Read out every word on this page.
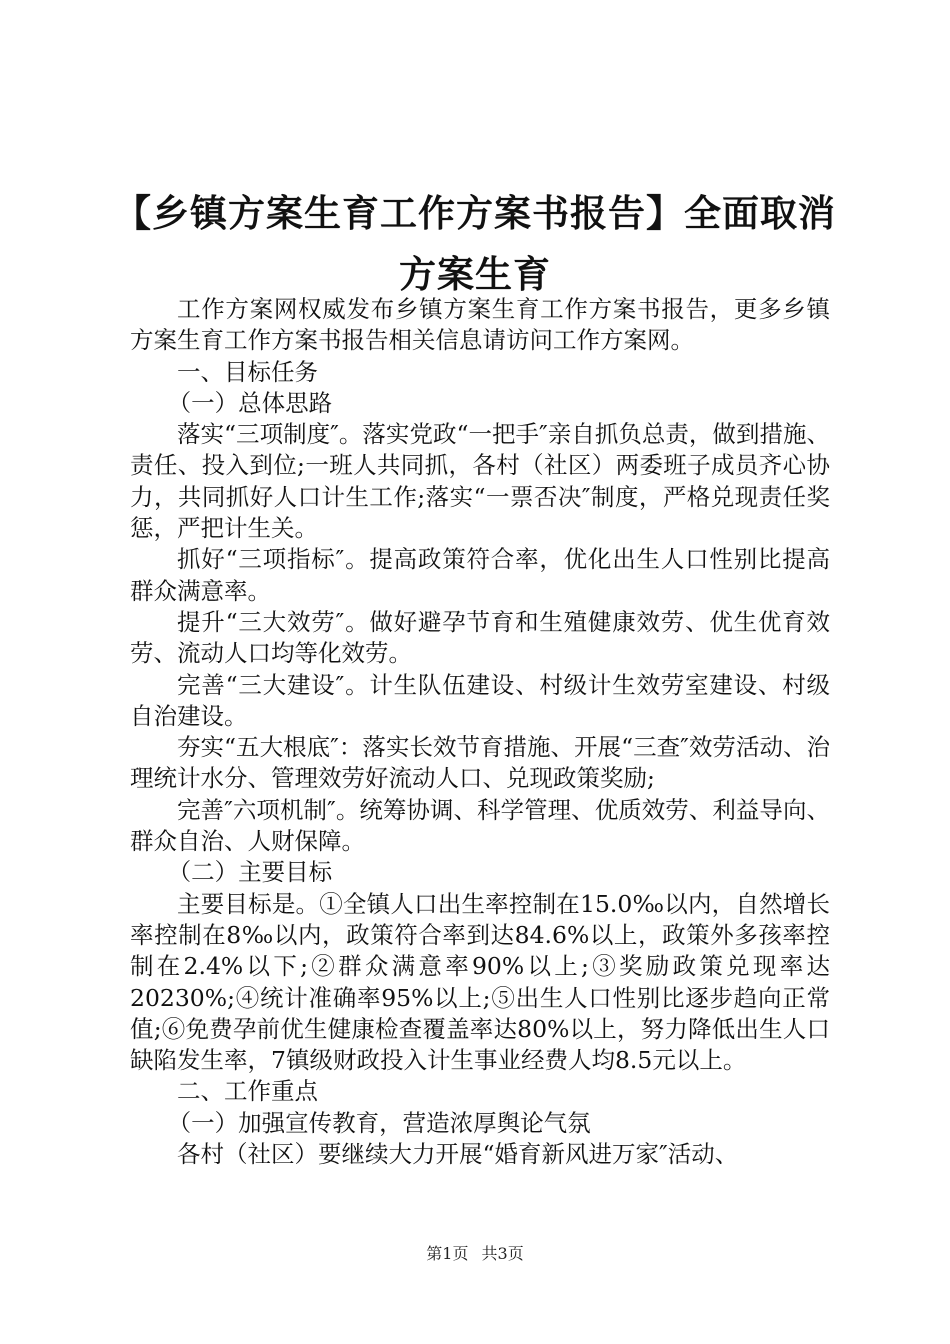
【乡镇方案生育工作方案书报告】全面取消方案生育

工作方案网权威发布乡镇方案生育工作方案书报告，更多乡镇方案生育工作方案书报告相关信息请访问工作方案网。

一、目标任务

（一）总体思路

落实“三项制度″。落实党政“一把手″亲自抓负总责，做到措施、责任、投入到位;一班人共同抓，各村（社区）两委班子成员齐心协力，共同抓好人口计生工作;落实“一票否决″制度，严格兑现责任奖惩，严把计生关。

抓好“三项指标″。提高政策符合率，优化出生人口性别比提高群众满意率。

提升“三大效劳″。做好避孕节育和生殖健康效劳、优生优育效劳、流动人口均等化效劳。

完善“三大建设″。计生队伍建设、村级计生效劳室建设、村级自治建设。

夯实“五大根底″：落实长效节育措施、开展“三查″效劳活动、治理统计水分、管理效劳好流动人口、兑现政策奖励;

完善″六项机制″。统筹协调、科学管理、优质效劳、利益导向、群众自治、人财保障。

（二）主要目标

主要目标是。①全镇人口出生率控制在15.0‰以内，自然增长率控制在8‰以内，政策符合率到达84.6%以上，政策外多孩率控制在2.4%以下;②群众满意率90%以上;③奖励政策兑现率达20230%;④统计准确率95%以上;⑤出生人口性别比逐步趋向正常值;⑥免费孕前优生健康检查覆盖率达80%以上，努力降低出生人口缺陷发生率，7镇级财政投入计生事业经费人均8.5元以上。

二、工作重点

（一）加强宣传教育，营造浓厚舆论气氛

各村（社区）要继续大力开展“婚育新风进万家″活动、

第1页 共3页
